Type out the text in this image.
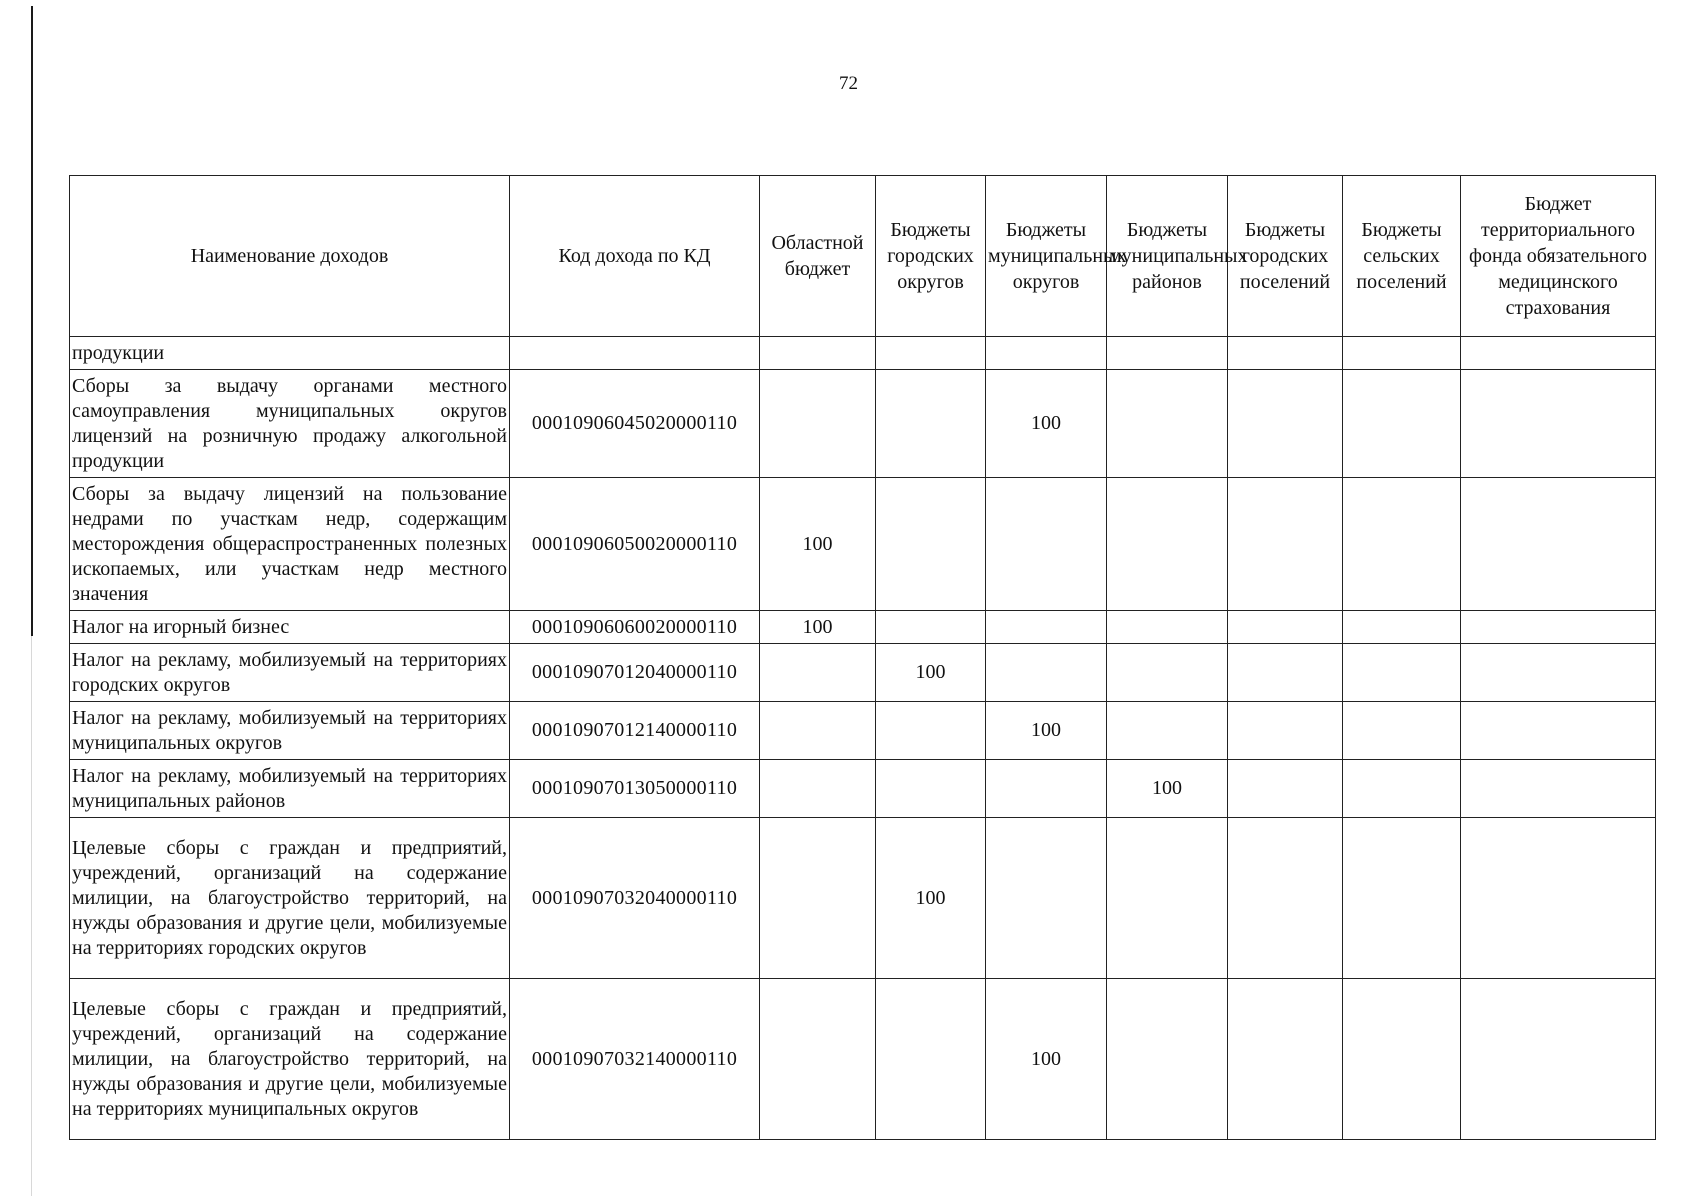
72
Наименование доходов	Код дохода по КД	Областной бюджет	Бюджеты городских округов	Бюджеты муниципальных округов	Бюджеты муниципальных районов	Бюджеты городских поселений	Бюджеты сельских поселений	Бюджет территориального фонда обязательного медицинского страхования
продукции								
Сборы за выдачу органами местного самоуправления муниципальных округов лицензий на розничную продажу алкогольной продукции	00010906045020000110			100				
Сборы за выдачу лицензий на пользование недрами по участкам недр, содержащим месторождения общераспространенных полезных ископаемых, или участкам недр местного значения	00010906050020000110	100						
Налог на игорный бизнес	00010906060020000110	100						
Налог на рекламу, мобилизуемый на территориях городских округов	00010907012040000110		100					
Налог на рекламу, мобилизуемый на территориях муниципальных округов	00010907012140000110			100				
Налог на рекламу, мобилизуемый на территориях муниципальных районов	00010907013050000110				100			
Целевые сборы с граждан и предприятий, учреждений, организаций на содержание милиции, на благоустройство территорий, на нужды образования и другие цели, мобилизуемые на территориях городских округов	00010907032040000110		100					
Целевые сборы с граждан и предприятий, учреждений, организаций на содержание милиции, на благоустройство территорий, на нужды образования и другие цели, мобилизуемые на территориях муниципальных округов	00010907032140000110			100				
